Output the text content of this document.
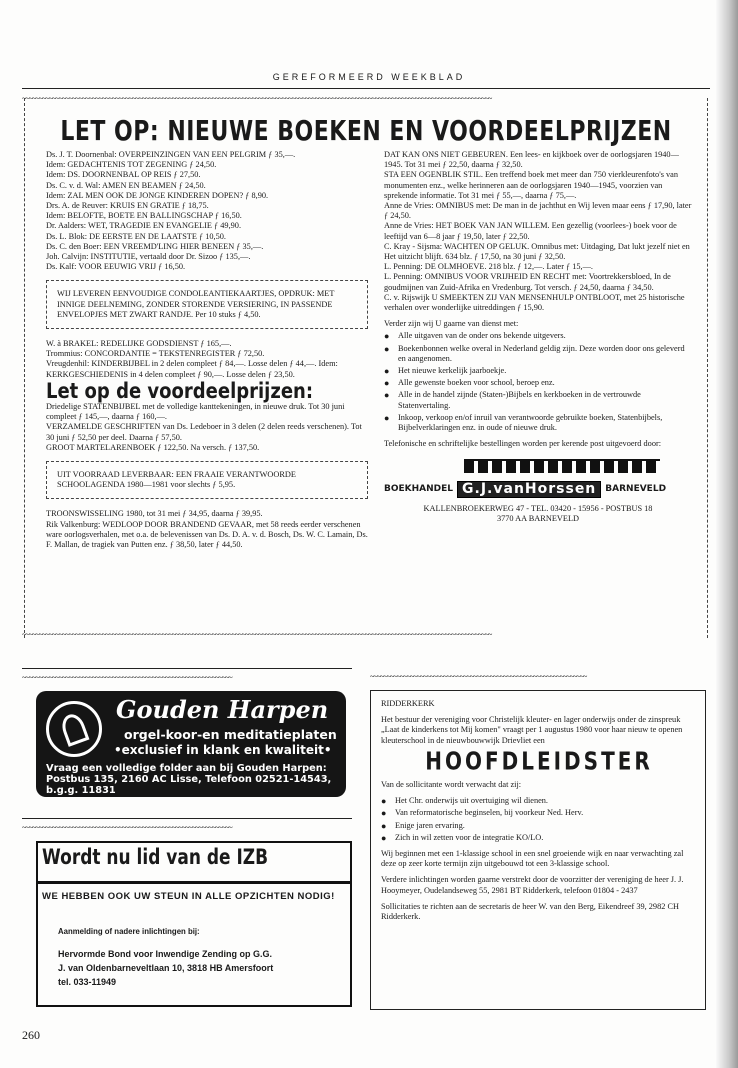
GEREFORMEERD WEEKBLAD
~~~~~~~~~~~~~~~~~~~~~~~~~~~~~~~~~~~~~~~~~~~~~~~~~~~~~~~~~~~~~~~~~~~~~~~~~~~~~~~~~~~~~~~~~~~~~~~~~~~~~~~~~~~~~~~~~~~~~~~~~~~~~~~~~~~~~~~~~~~~~
LET OP: NIEUWE BOEKEN EN VOORDEELPRIJZEN

Ds. J. T. Doornenbal: OVERPEINZINGEN VAN EEN PELGRIM ƒ 35,—.

Idem: GEDACHTENIS TOT ZEGENING ƒ 24,50.

Idem: DS. DOORNENBAL OP REIS ƒ 27,50.

Ds. C. v. d. Wal: AMEN EN BEAMEN ƒ 24,50.

Idem: ZAL MEN OOK DE JONGE KINDEREN DOPEN? ƒ 8,90.

Drs. A. de Reuver: KRUIS EN GRATIE ƒ 18,75.

Idem: BELOFTE, BOETE EN BALLINGSCHAP ƒ 16,50.

Dr. Aalders: WET, TRAGEDIE EN EVANGELIE ƒ 49,90.

Ds. L. Blok: DE EERSTE EN DE LAATSTE ƒ 10,50.

Ds. C. den Boer: EEN VREEMD'LING HIER BENEEN ƒ 35,—.

Joh. Calvijn: INSTITUTIE, vertaald door Dr. Sizoo ƒ 135,—.

Ds. Kalf: VOOR EEUWIG VRIJ ƒ 16,50.

WIJ LEVEREN EENVOUDIGE CONDOLEANTIEKAARTJES, OPDRUK: MET INNIGE DEELNEMING, ZONDER STORENDE VERSIERING, IN PASSENDE ENVELOPJES MET ZWART RANDJE. Per 10 stuks ƒ 4,50.

W. à BRAKEL: REDELIJKE GODSDIENST ƒ 165,—.

Trommius: CONCORDANTIE = TEKSTENREGISTER ƒ 72,50.

Vreugdenhil: KINDERBIJBEL in 2 delen compleet ƒ 84,—. Losse delen ƒ 44,—. Idem: KERKGESCHIEDENIS in 4 delen compleet ƒ 90,—. Losse delen ƒ 23,50.

Let op de voordeelprijzen:

Driedelige STATENBIJBEL met de volledige kanttekeningen, in nieuwe druk. Tot 30 juni compleet ƒ 145,—, daarna ƒ 160,—.

VERZAMELDE GESCHRIFTEN van Ds. Ledeboer in 3 delen (2 delen reeds verschenen). Tot 30 juni ƒ 52,50 per deel. Daarna ƒ 57,50.

GROOT MARTELARENBOEK ƒ 122,50. Na versch. ƒ 137,50.

UIT VOORRAAD LEVERBAAR: EEN FRAAIE VERANTWOORDE SCHOOLAGENDA 1980—1981 voor slechts ƒ 5,95.

TROONSWISSELING 1980, tot 31 mei ƒ 34,95, daarna ƒ 39,95.

Rik Valkenburg: WEDLOOP DOOR BRANDEND GEVAAR, met 58 reeds eerder verschenen ware oorlogsverhalen, met o.a. de belevenissen van Ds. D. A. v. d. Bosch, Ds. W. C. Lamain, Ds. F. Mallan, de tragiek van Putten enz. ƒ 38,50, later ƒ 44,50.

DAT KAN ONS NIET GEBEUREN. Een lees- en kijkboek over de oorlogsjaren 1940—1945. Tot 31 mei ƒ 22,50, daarna ƒ 32,50.

STA EEN OGENBLIK STIL. Een treffend boek met meer dan 750 vierkleurenfoto's van monumenten enz., welke herinneren aan de oorlogsjaren 1940—1945, voorzien van sprekende informatie. Tot 31 mei ƒ 55,—, daarna ƒ 75,—.

Anne de Vries: OMNIBUS met: De man in de jachthut en Wij leven maar eens ƒ 17,90, later ƒ 24,50.

Anne de Vries: HET BOEK VAN JAN WILLEM. Een gezellig (voorlees-) boek voor de leeftijd van 6—8 jaar ƒ 19,50, later ƒ 22,50.

C. Kray - Sijsma: WACHTEN OP GELUK. Omnibus met: Uitdaging, Dat lukt jezelf niet en Het uitzicht blijft. 634 blz. ƒ 17,50, na 30 juni ƒ 32,50.

L. Penning: DE OLMHOEVE. 218 blz. ƒ 12,—. Later ƒ 15,—.

L. Penning: OMNIBUS VOOR VRIJHEID EN RECHT met: Voortrekkersbloed, In de goudmijnen van Zuid-Afrika en Vredenburg. Tot versch. ƒ 24,50, daarna ƒ 34,50.

C. v. Rijswijk U SMEEKTEN ZIJ VAN MENSENHULP ONTBLOOT, met 25 historische verhalen over wonderlijke uitreddingen ƒ 15,90.

Verder zijn wij U gaarne van dienst met:

●	Alle uitgaven van de onder ons bekende uitgevers.
●	Boekenbonnen welke overal in Nederland geldig zijn. Deze worden door ons geleverd en aangenomen.
●	Het nieuwe kerkelijk jaarboekje.
●	Alle gewenste boeken voor school, beroep enz.
●	Alle in de handel zijnde (Staten-)Bijbels en kerkboeken in de vertrouwde Statenvertaling.
●	Inkoop, verkoop en/of inruil van verantwoorde gebruikte boeken, Statenbijbels, Bijbelverklaringen enz. in oude of nieuwe druk.

Telefonische en schriftelijke bestellingen worden per kerende post uitgevoerd door:

BOEKHANDEL G.J.vanHorssen	BARNEVELD
KALLENBROEKERWEG 47 - TEL. 03420 - 15956 - POSTBUS 18
3770 AA BARNEVELD
~~~~~~~~~~~~~~~~~~~~~~~~~~~~~~~~~~~~~~~~~~~~~~~~~~~~~~~~~~~~~~~~~~~~~~~~~~~~~~~~~~~~~~~~~~~~~~~~~~~~~~~~~~~~~~~~~~~~~~~~~~~~~~~~~~~~~~~~~~~~~
~~~~~~~~~~~~~~~~~~~~~~~~~~~~~~~~~~~~~~~~~~~~~~~~~~~~~~~~~~~~~~~
Gouden Harpen
orgel-koor-en meditatieplaten
•exclusief in klank en kwaliteit•
Vraag een volledige folder aan bij Gouden Harpen: Postbus 135, 2160 AC Lisse, Telefoon 02521-14543, b.g.g. 11831
~~~~~~~~~~~~~~~~~~~~~~~~~~~~~~~~~~~~~~~~~~~~~~~~~~~~~~~~~~~~~~~
Wordt nu lid van de IZB
WE HEBBEN OOK UW STEUN IN ALLE OPZICHTEN NODIG!
Aanmelding of nadere inlichtingen bij:
Hervormde Bond voor Inwendige Zending op G.G.
J. van Oldenbarneveltlaan 10, 3818 HB Amersfoort
tel. 033-11949
~~~~~~~~~~~~~~~~~~~~~~~~~~~~~~~~~~~~~~~~~~~~~~~~~~~~~~~~~~~~~~~~~

RIDDERKERK

Het bestuur der vereniging voor Christelijk kleuter- en lager onderwijs onder de zinspreuk „Laat de kinderkens tot Mij komen" vraagt per 1 augustus 1980 voor haar nieuw te openen kleuterschool in de nieuwbouwwijk Drievliet een

HOOFDLEIDSTER

Van de sollicitante wordt verwacht dat zij:

●	Het Chr. onderwijs uit overtuiging wil dienen.
●	Van reformatorische beginselen, bij voorkeur Ned. Herv.
●	Enige jaren ervaring.
●	Zich in wil zetten voor de integratie KO/LO.

Wij beginnen met een 1-klassige school in een snel groeiende wijk en naar verwachting zal deze op zeer korte termijn zijn uitgebouwd tot een 3-klassige school.

Verdere inlichtingen worden gaarne verstrekt door de voorzitter der vereniging de heer J. J. Hooymeyer, Oudelandseweg 55, 2981 BT Ridderkerk, telefoon 01804 - 2437

Sollicitaties te richten aan de secretaris de heer W. van den Berg, Eikendreef 39, 2982 CH Ridderkerk.

260
